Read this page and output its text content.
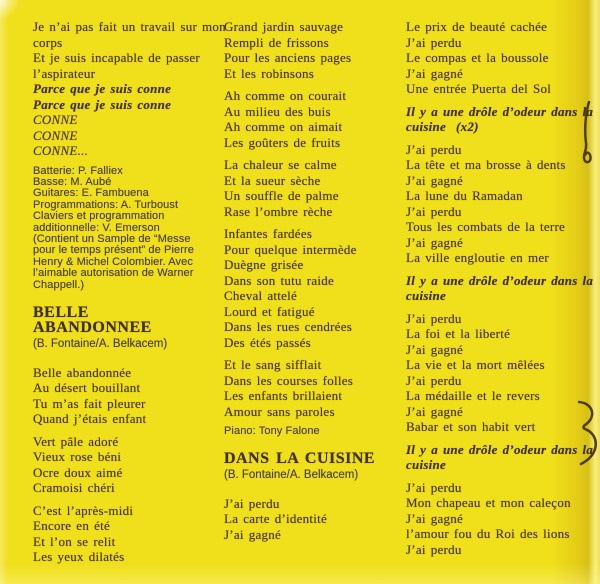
Je n’ai pas fait un travail sur mon
corps
Et je suis incapable de passer
l’aspirateur
Parce que je suis conne
Parce que je suis conne
CONNE
CONNE
CONNE...
Batterie: P. Falliex
Basse: M. Aubé
Guitares: E. Fambuena
Programmations: A. Turboust
Claviers et programmation
additionnelle: V. Emerson
(Contient un Sample de “Messe
pour le temps présent” de Pierre
Henry & Michel Colombier. Avec
l’aimable autorisation de Warner
Chappell.)
BELLE
ABANDONNEE
(B. Fontaine/A. Belkacem)
Belle abandonnée
Au désert bouillant
Tu m’as fait pleurer
Quand j’étais enfant
Vert pâle adoré
Vieux rose béni
Ocre doux aimé
Cramoisi chéri
C’est l’après-midi
Encore en été
Et l’on se relit
Les yeux dilatés
Grand jardin sauvage
Rempli de frissons
Pour les anciens pages
Et les robinsons
Ah comme on courait
Au milieu des buis
Ah comme on aimait
Les goûters de fruits
La chaleur se calme
Et la sueur sèche
Un souffle de palme
Rase l’ombre rèche
Infantes fardées
Pour quelque intermède
Duègne grisée
Dans son tutu raide
Cheval attelé
Lourd et fatigué
Dans les rues cendrées
Des étés passés
Et le sang sifflait
Dans les courses folles
Les enfants brillaient
Amour sans paroles
Piano: Tony Falone
DANS LA CUISINE
(B. Fontaine/A. Belkacem)
J’ai perdu
La carte d’identité
J’ai gagné
Le prix de beauté cachée
J’ai perdu
Le compas et la boussole
J’ai gagné
Une entrée Puerta del Sol
Il y a une drôle d’odeur dans la
cuisine  (x2)
J’ai perdu
La tête et ma brosse à dents
J’ai gagné
La lune du Ramadan
J’ai perdu
Tous les combats de la terre
J’ai gagné
La ville engloutie en mer
Il y a une drôle d’odeur dans la
cuisine
J’ai perdu
La foi et la liberté
J’ai gagné
La vie et la mort mêlées
J’ai perdu
La médaille et le revers
J’ai gagné
Babar et son habit vert
Il y a une drôle d’odeur dans la
cuisine
J’ai perdu
Mon chapeau et mon caleçon
J’ai gagné
l’amour fou du Roi des lions
J’ai perdu
